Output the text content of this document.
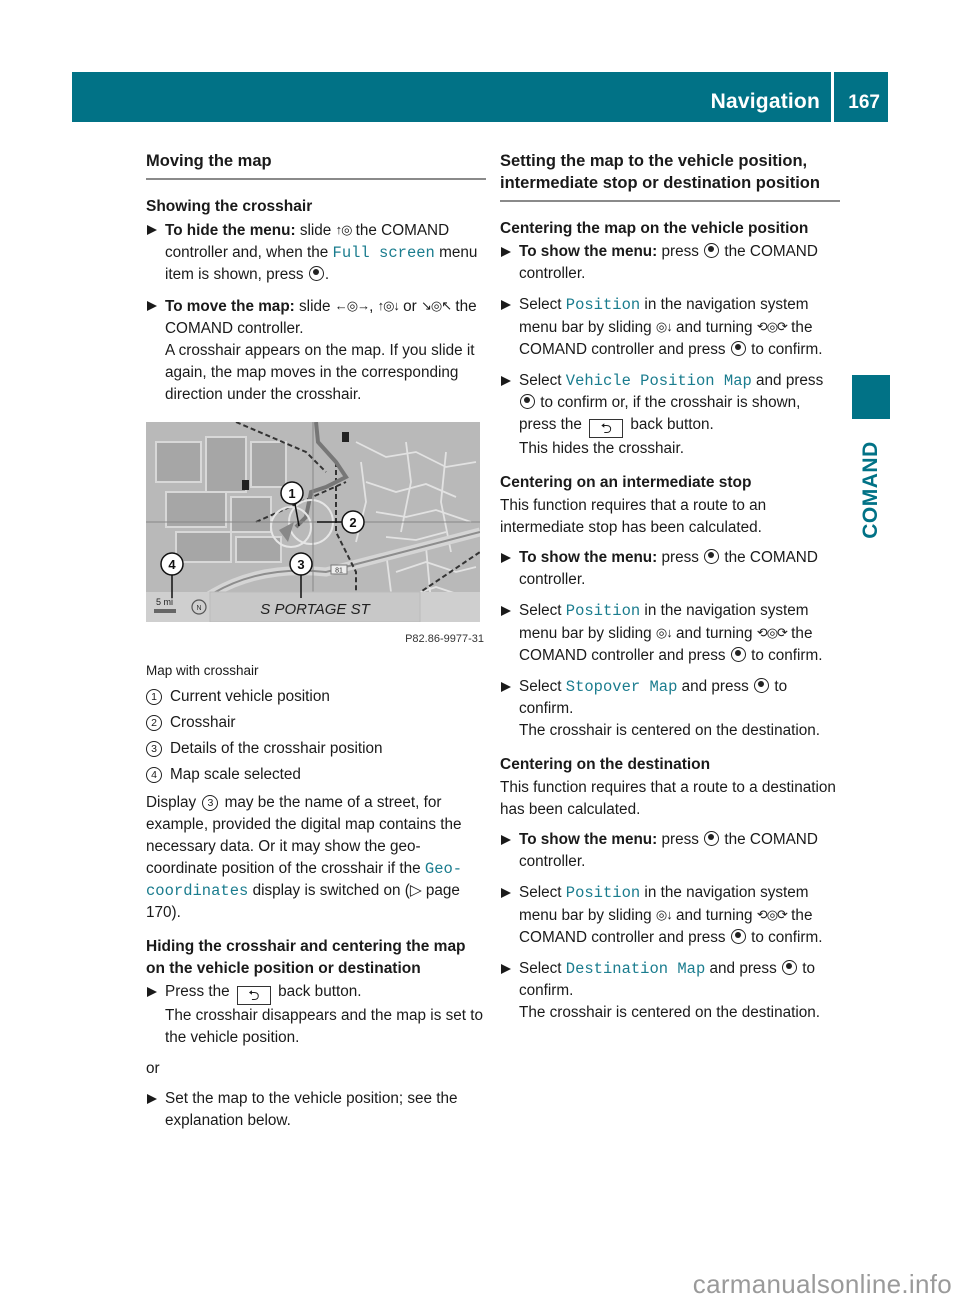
Navigation 167
COMAND
Moving the map
Showing the crosshair
To hide the menu: slide ↑◎ the COMAND controller and, when the Full screen menu item is shown, press .
To move the map: slide ←◎→, ↑◎↓ or ↘◎↖ the COMAND controller.
A crosshair appears on the map. If you slide it again, the map moves in the corresponding direction under the crosshair.
81
5 mi
N	S PORTAGE ST
1
2
3
4
P82.86-9977-31
Map with crosshair
1 Current vehicle position
2 Crosshair
3 Details of the crosshair position
4 Map scale selected
Display 3 may be the name of a street, for example, provided the digital map contains the necessary data. Or it may show the geo-coordinate position of the crosshair if the Geo-coordinates display is switched on (▷ page 170).
Hiding the crosshair and centering the map on the vehicle position or destination
Press the ⮌ back button.
The crosshair disappears and the map is set to the vehicle position.
or
Set the map to the vehicle position; see the explanation below.
Setting the map to the vehicle position, intermediate stop or destination position
Centering the map on the vehicle position
To show the menu: press  the COMAND controller.
Select Position in the navigation system menu bar by sliding ◎↓ and turning ⟲◎⟳ the COMAND controller and press  to confirm.
Select Vehicle Position Map and press  to confirm or, if the crosshair is shown, press the ⮌ back button.
This hides the crosshair.
Centering on an intermediate stop
This function requires that a route to an intermediate stop has been calculated.
To show the menu: press  the COMAND controller.
Select Position in the navigation system menu bar by sliding ◎↓ and turning ⟲◎⟳ the COMAND controller and press  to confirm.
Select Stopover Map and press  to confirm.
The crosshair is centered on the destination.
Centering on the destination
This function requires that a route to a destination has been calculated.
To show the menu: press  the COMAND controller.
Select Position in the navigation system menu bar by sliding ◎↓ and turning ⟲◎⟳ the COMAND controller and press  to confirm.
Select Destination Map and press  to confirm.
The crosshair is centered on the destination.
carmanualsonline.info
